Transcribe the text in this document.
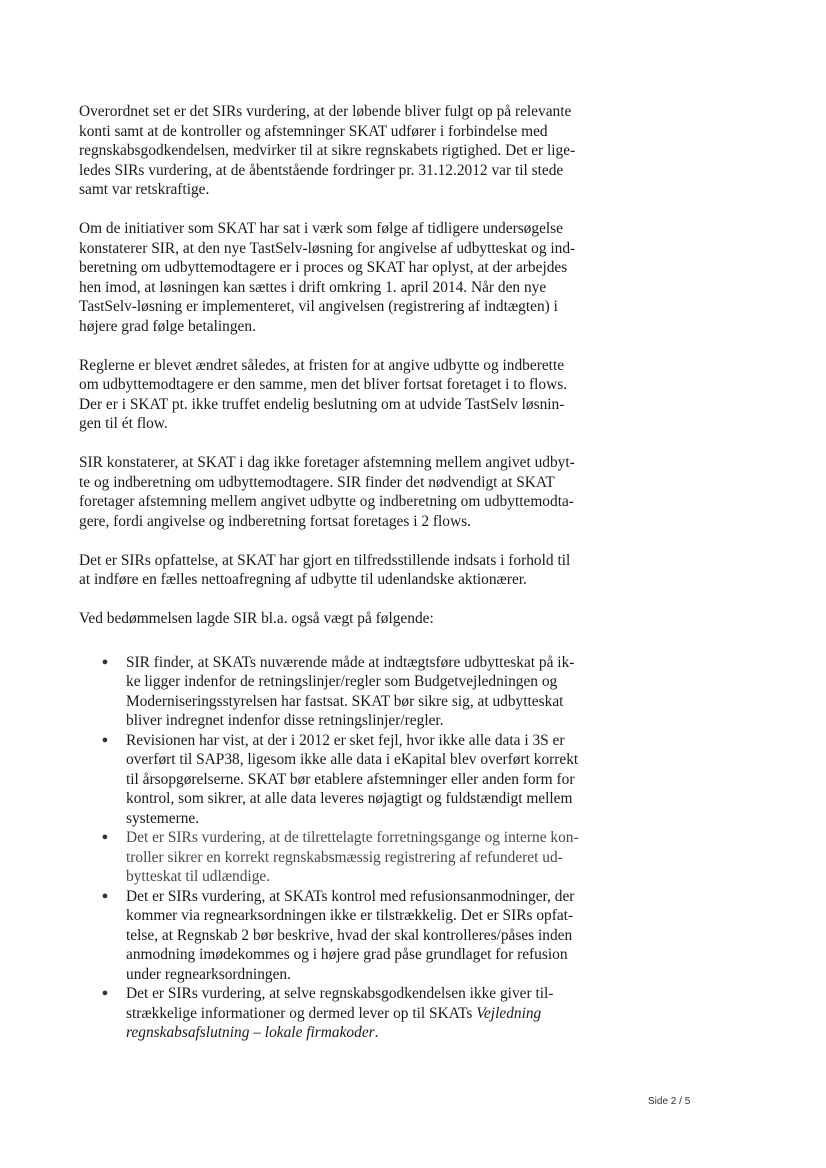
Overordnet set er det SIRs vurdering, at der løbende bliver fulgt op på relevante
konti samt at de kontroller og afstemninger SKAT udfører i forbindelse med
regnskabsgodkendelsen, medvirker til at sikre regnskabets rigtighed. Det er lige-
ledes SIRs vurdering, at de åbentstående fordringer pr. 31.12.2012 var til stede
samt var retskraftige.

Om de initiativer som SKAT har sat i værk som følge af tidligere undersøgelse
konstaterer SIR, at den nye TastSelv-løsning for angivelse af udbytteskat og ind-
beretning om udbyttemodtagere er i proces og SKAT har oplyst, at der arbejdes
hen imod, at løsningen kan sættes i drift omkring 1. april 2014. Når den nye
TastSelv-løsning er implementeret, vil angivelsen (registrering af indtægten) i
højere grad følge betalingen.

Reglerne er blevet ændret således, at fristen for at angive udbytte og indberette
om udbyttemodtagere er den samme, men det bliver fortsat foretaget i to flows.
Der er i SKAT pt. ikke truffet endelig beslutning om at udvide TastSelv løsnin-
gen til ét flow.

SIR konstaterer, at SKAT i dag ikke foretager afstemning mellem angivet udbyt-
te og indberetning om udbyttemodtagere. SIR finder det nødvendigt at SKAT
foretager afstemning mellem angivet udbytte og indberetning om udbyttemodta-
gere, fordi angivelse og indberetning fortsat foretages i 2 flows.

Det er SIRs opfattelse, at SKAT har gjort en tilfredsstillende indsats i forhold til
at indføre en fælles nettoafregning af udbytte til udenlandske aktionærer.

Ved bedømmelsen lagde SIR bl.a. også vægt på følgende:

● SIR finder, at SKATs nuværende måde at indtægtsføre udbytteskat på ik-
ke ligger indenfor de retningslinjer/regler som Budgetvejledningen og
Moderniseringsstyrelsen har fastsat. SKAT bør sikre sig, at udbytteskat
bliver indregnet indenfor disse retningslinjer/regler.
● Revisionen har vist, at der i 2012 er sket fejl, hvor ikke alle data i 3S er
overført til SAP38, ligesom ikke alle data i eKapital blev overført korrekt
til årsopgørelserne. SKAT bør etablere afstemninger eller anden form for
kontrol, som sikrer, at alle data leveres nøjagtigt og fuldstændigt mellem
systemerne.
● Det er SIRs vurdering, at de tilrettelagte forretningsgange og interne kon-
troller sikrer en korrekt regnskabsmæssig registrering af refunderet ud-
bytteskat til udlændige.
● Det er SIRs vurdering, at SKATs kontrol med refusionsanmodninger, der
kommer via regnearksordningen ikke er tilstrækkelig. Det er SIRs opfat-
telse, at Regnskab 2 bør beskrive, hvad der skal kontrolleres/påses inden
anmodning imødekommes og i højere grad påse grundlaget for refusion
under regnearksordningen.
● Det er SIRs vurdering, at selve regnskabsgodkendelsen ikke giver til-
strækkelige informationer og dermed lever op til SKATs Vejledning
regnskabsafslutning – lokale firmakoder.
Side 2 / 5
